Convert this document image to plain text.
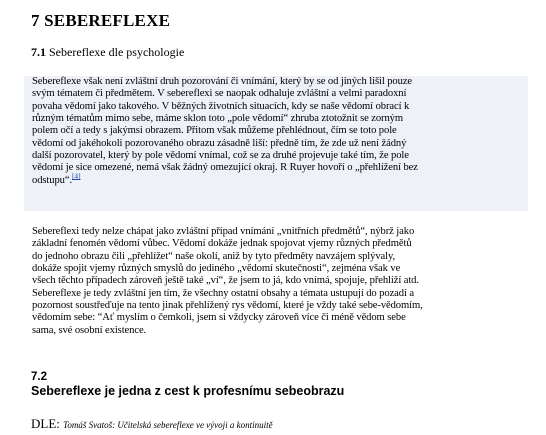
7 SEBEREFLEXE
7.1 Sebereflexe dle psychologie
Sebereflexe však není zvláštní druh pozorování či vnímání, který by se od jiných lišil pouze
svým tématem či předmětem. V sebereflexi se naopak odhaluje zvláštní a velmi paradoxní
povaha vědomí jako takového. V běžných životních situacích, kdy se naše vědomí obrací k
různým tématům mimo sebe, máme sklon toto „pole vědomí“ zhruba ztotožnit se zorným
polem očí a tedy s jakýmsi obrazem. Přitom však můžeme přehlédnout, čím se toto pole
vědomí od jakéhokoli pozorovaného obrazu zásadně liší: předně tím, že zde už není žádný
další pozorovatel, který by pole vědomí vnímal, což se za druhé projevuje také tím, že pole
vědomí je sice omezené, nemá však žádný omezující okraj. R Ruyer hovoří o „přehlížení bez
odstupu“.[4]
Sebereflexi tedy nelze chápat jako zvláštní případ vnímání „vnitřních předmětů“, nýbrž jako
základní fenomén vědomí vůbec. Vědomí dokáže jednak spojovat vjemy různých předmětů
do jednoho obrazu čili „přehlížet“ naše okolí, aniž by tyto předměty navzájem splývaly,
dokáže spojit vjemy různých smyslů do jediného „vědomí skutečnosti“, zejména však ve
všech těchto případech zároveň ještě také „ví“, že jsem to já, kdo vnímá, spojuje, přehlíží atd.
Sebereflexe je tedy zvláštní jen tím, že všechny ostatní obsahy a témata ustupují do pozadí a
pozornost soustřeďuje na tento jinak přehlížený rys vědomí, které je vždy také sebe-vědomím,
vědomím sebe: “Ať myslím o čemkoli, jsem si vždycky zároveň více či méně vědom sebe
sama, své osobní existence.
7.2
Sebereflexe je jedna z cest k profesnímu sebeobrazu
DLE: Tomáš Svatoš: Učitelská sebereflexe ve vývoji a kontinuitě
